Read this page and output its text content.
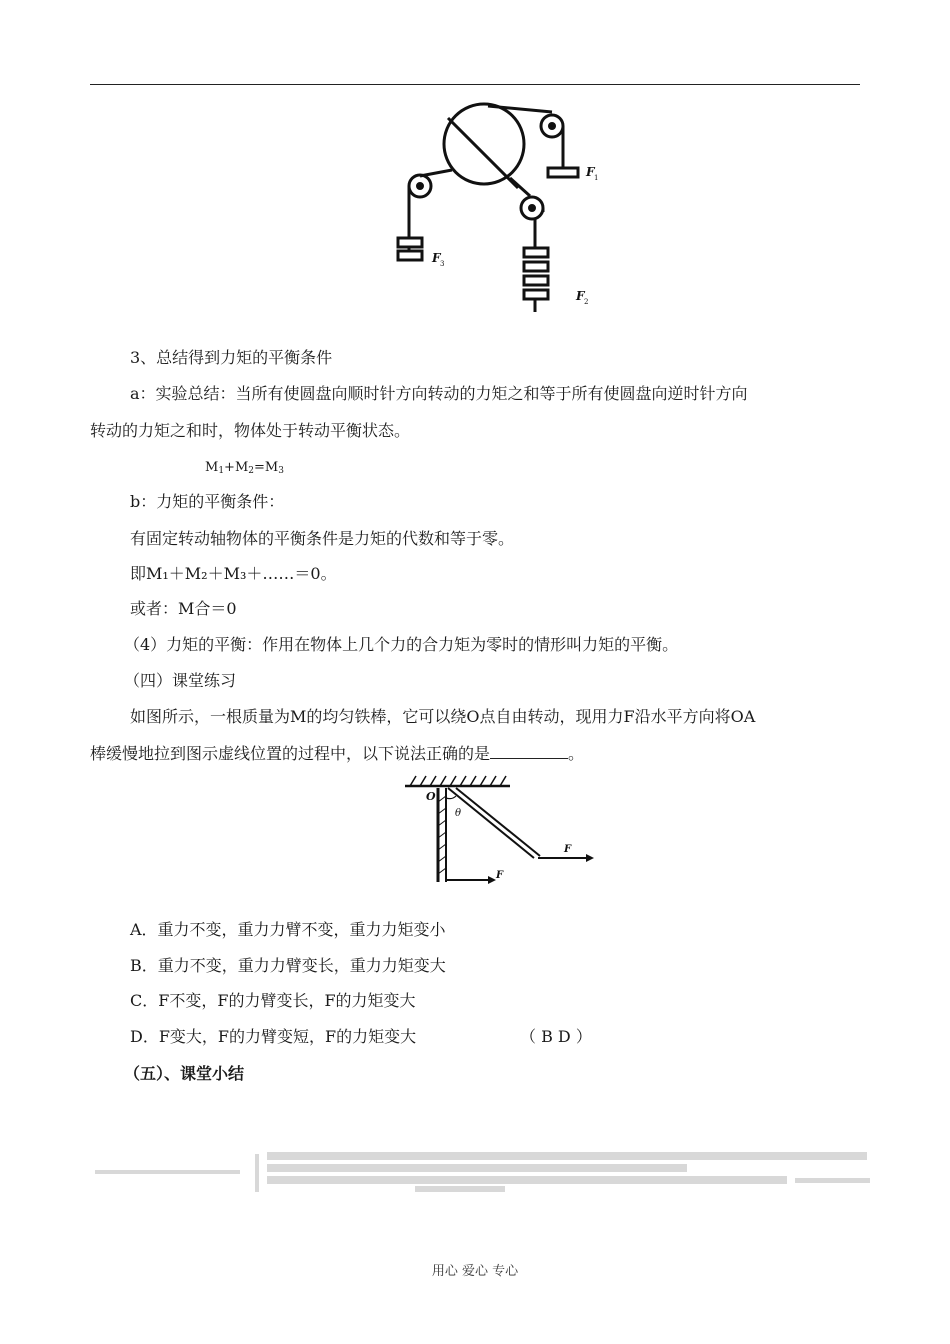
F 1
F 2
F 3
3、总结得到力矩的平衡条件
a：实验总结：当所有使圆盘向顺时针方向转动的力矩之和等于所有使圆盘向逆时针方向
转动的力矩之和时，物体处于转动平衡状态。
$M_1+M_2=M_3$
b：力矩的平衡条件：
有固定转动轴物体的平衡条件是力矩的代数和等于零。
即M₁＋M₂＋M₃＋……＝0。
或者：M合＝0
（4）力矩的平衡：作用在物体上几个力的合力矩为零时的情形叫力矩的平衡。
（四）课堂练习
如图所示，一根质量为M的均匀铁棒，它可以绕O点自由转动，现用力F沿水平方向将OA
棒缓慢地拉到图示虚线位置的过程中，以下说法正确的是	。
O
θ
F
F
A．重力不变，重力力臂不变，重力力矩变小
B．重力不变，重力力臂变长，重力力矩变大
C．F不变，F的力臂变长，F的力矩变大
D．F变大，F的力臂变短，F的力矩变大	（ B D ）
（五）、课堂小结
用心 爱心 专心
